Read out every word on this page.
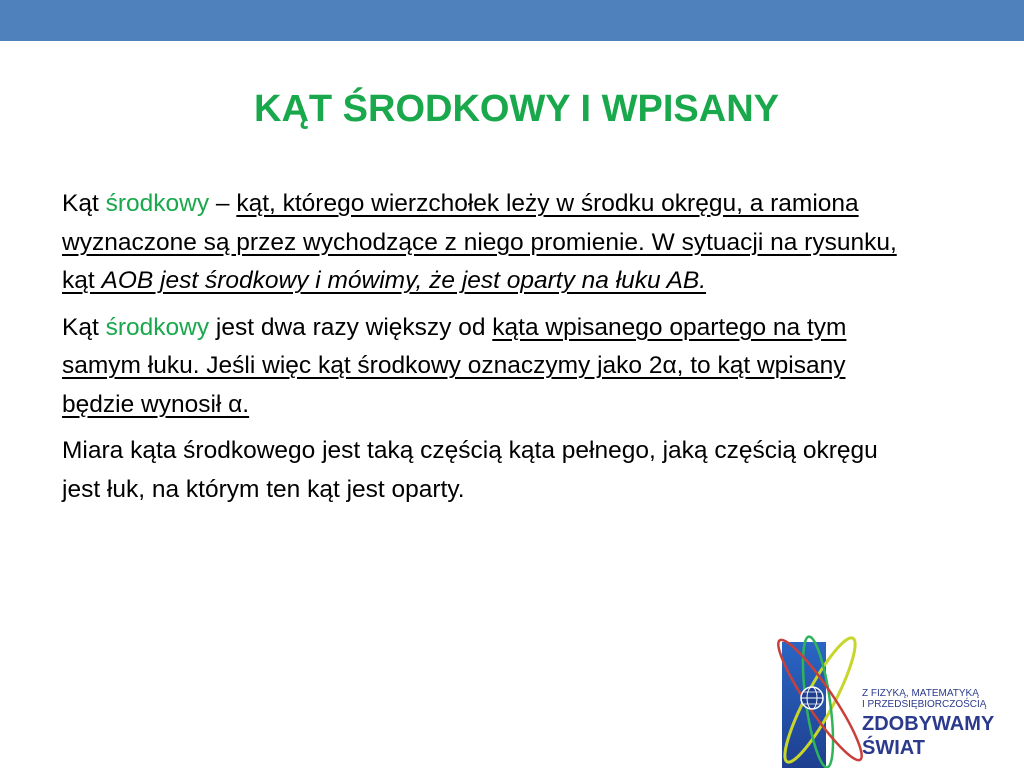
KĄT ŚRODKOWY I WPISANY

Kąt środkowy – kąt, którego wierzchołek leży w środku okręgu, a ramiona wyznaczone są przez wychodzące z niego promienie. W sytuacji na rysunku, kąt AOB jest środkowy i mówimy, że jest oparty na łuku AB.

Kąt środkowy jest dwa razy większy od kąta wpisanego opartego na tym samym łuku. Jeśli więc kąt środkowy oznaczymy jako 2α, to kąt wpisany będzie wynosił α.

Miara kąta środkowego jest taką częścią kąta pełnego, jaką częścią okręgu jest łuk, na którym ten kąt jest oparty.

Z FIZYKĄ, MATEMATYKĄ
I PRZEDSIĘBIORCZOŚCIĄ
ZDOBYWAMY
ŚWIAT
